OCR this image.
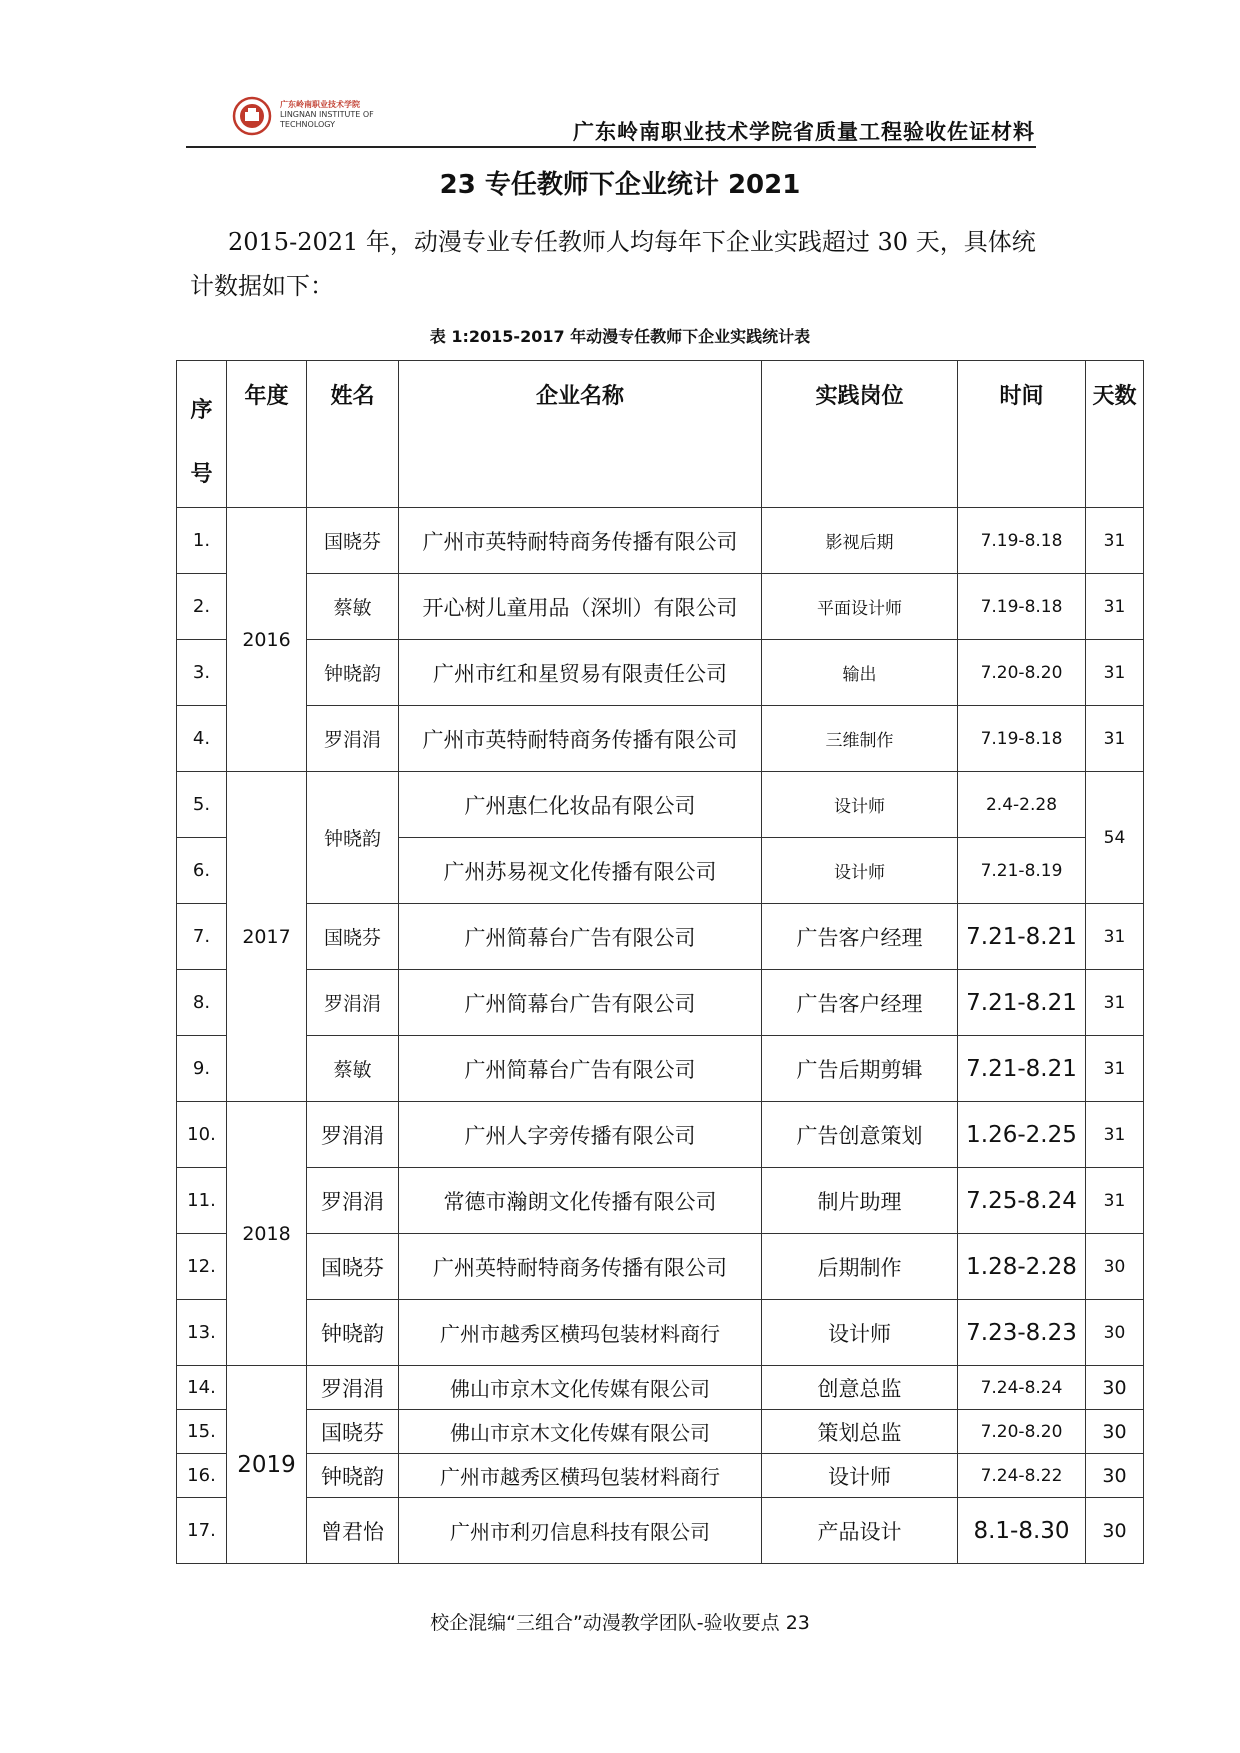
广东岭南职业技术学院
LINGNAN INSTITUTE OF
TECHNOLOGY	广东岭南职业技术学院省质量工程验收佐证材料
23 专任教师下企业统计 2021
2015-2021 年，动漫专业专任教师人均每年下企业实践超过 30 天，具体统计数据如下：
表 1:2015-2017 年动漫专任教师下企业实践统计表
序
号	年度	姓名	企业名称	实践岗位	时间	天数
1.	2016	国晓芬	广州市英特耐特商务传播有限公司	影视后期	7.19-8.18	31
2.		蔡敏	开心树儿童用品（深圳）有限公司	平面设计师	7.19-8.18	31
3.		钟晓韵	广州市红和星贸易有限责任公司	输出	7.20-8.20	31
4.		罗涓涓	广州市英特耐特商务传播有限公司	三维制作	7.19-8.18	31
5.	2017	钟晓韵	广州惠仁化妆品有限公司	设计师	2.4-2.28	54
6.			广州苏易视文化传播有限公司	设计师	7.21-8.19	
7.		国晓芬	广州简幕台广告有限公司	广告客户经理	7.21-8.21	31
8.		罗涓涓	广州简幕台广告有限公司	广告客户经理	7.21-8.21	31
9.		蔡敏	广州简幕台广告有限公司	广告后期剪辑	7.21-8.21	31
10.	2018	罗涓涓	广州人字旁传播有限公司	广告创意策划	1.26-2.25	31
11.		罗涓涓	常德市瀚朗文化传播有限公司	制片助理	7.25-8.24	31
12.		国晓芬	广州英特耐特商务传播有限公司	后期制作	1.28-2.28	30
13.		钟晓韵	广州市越秀区横玛包装材料商行	设计师	7.23-8.23	30
14.	2019	罗涓涓	佛山市京木文化传媒有限公司	创意总监	7.24-8.24	30
15.		国晓芬	佛山市京木文化传媒有限公司	策划总监	7.20-8.20	30
16.		钟晓韵	广州市越秀区横玛包装材料商行	设计师	7.24-8.22	30
17.		曾君怡	广州市利刃信息科技有限公司	产品设计	8.1-8.30	30
校企混编“三组合”动漫教学团队-验收要点 23
